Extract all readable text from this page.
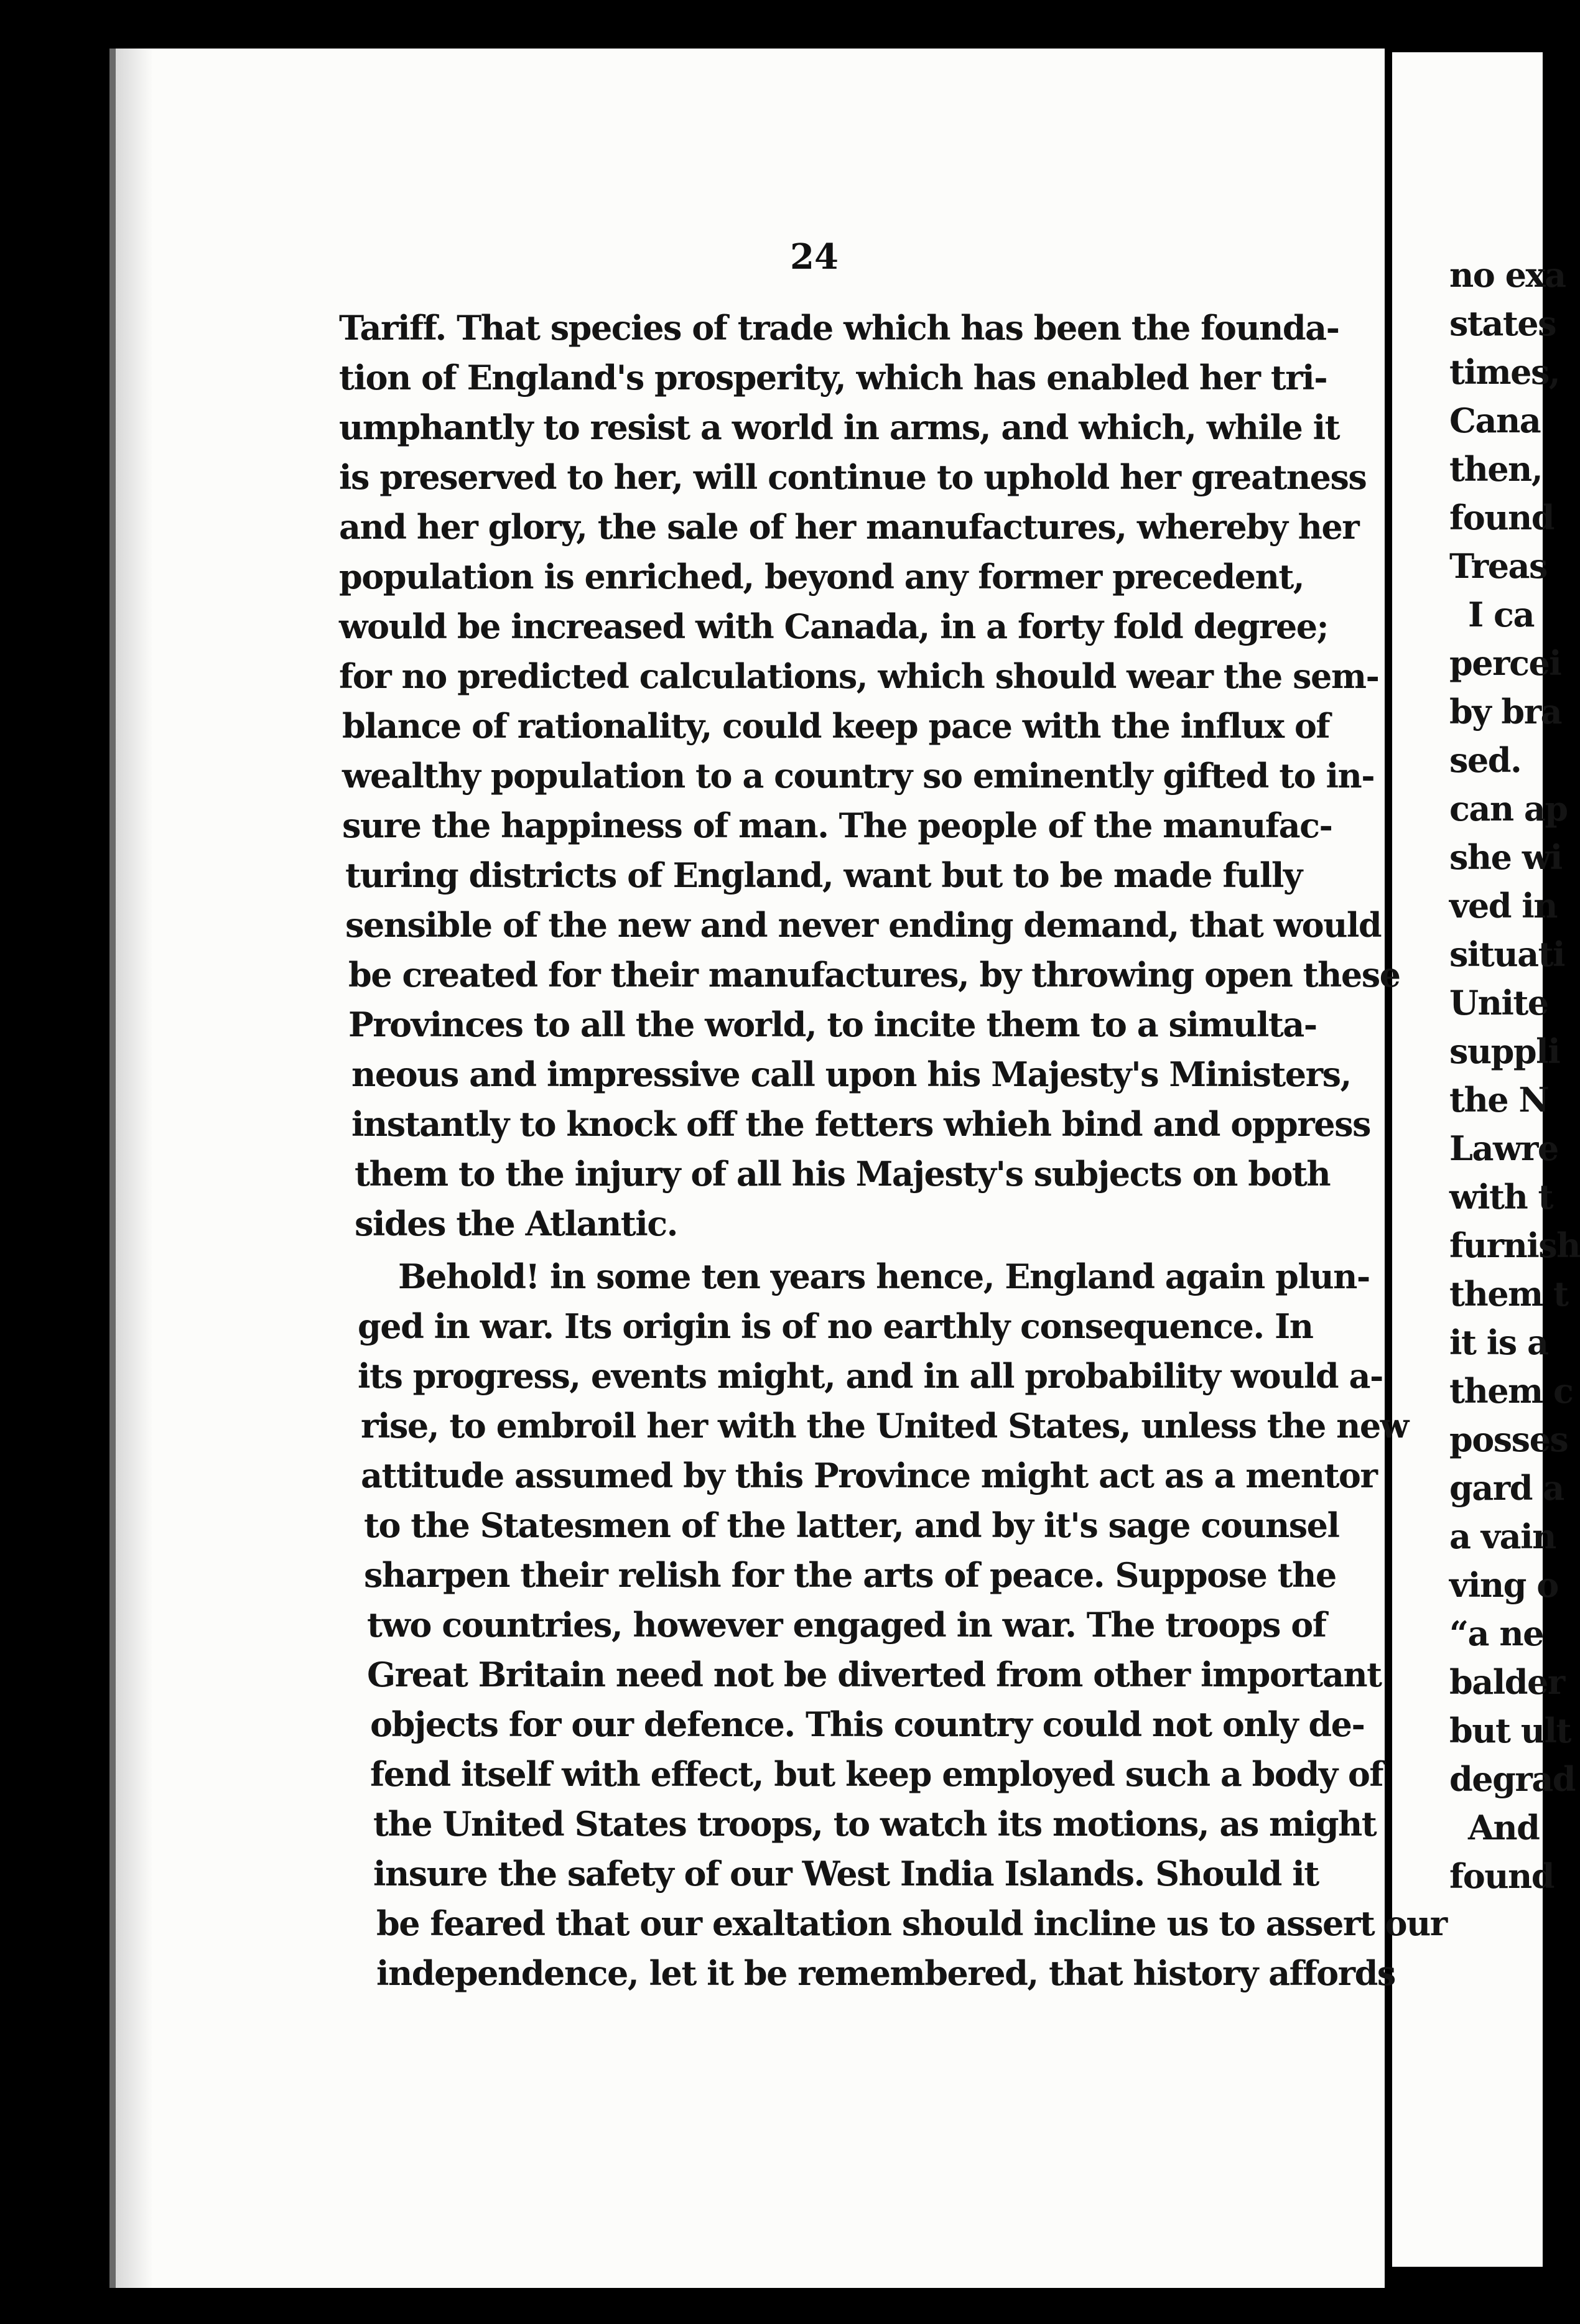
24

Tariff. That species of trade which has been the founda-

tion of England's prosperity, which has enabled her tri-

umphantly to resist a world in arms, and which, while it

is preserved to her, will continue to uphold her greatness

and her glory, the sale of her manufactures, whereby her

population is enriched, beyond any former precedent,

would be increased with Canada, in a forty fold degree;

for no predicted calculations, which should wear the sem-

blance of rationality, could keep pace with the influx of

wealthy population to a country so eminently gifted to in-

sure the happiness of man. The people of the manufac-

turing districts of England, want but to be made fully

sensible of the new and never ending demand, that would

be created for their manufactures, by throwing open these

Provinces to all the world, to incite them to a simulta-

neous and impressive call upon his Majesty's Ministers,

instantly to knock off the fetters whieh bind and oppress

them to the injury of all his Majesty's subjects on both

sides the Atlantic.

Behold! in some ten years hence, England again plun-

ged in war. Its origin is of no earthly consequence. In

its progress, events might, and in all probability would a-

rise, to embroil her with the United States, unless the new

attitude assumed by this Province might act as a mentor

to the Statesmen of the latter, and by it's sage counsel

sharpen their relish for the arts of peace. Suppose the

two countries, however engaged in war. The troops of

Great Britain need not be diverted from other important

objects for our defence. This country could not only de-

fend itself with effect, but keep employed such a body of

the United States troops, to watch its motions, as might

insure the safety of our West India Islands. Should it

be feared that our exaltation should incline us to assert our

independence, let it be remembered, that history affords

no exa

states

times,

Cana

then,

found

Treas

I ca

percei

by bra

sed.

can ap

she wi

ved in

situati

Unite

suppli

the N

Lawre

with t

furnish

them t

it is a

them c

posses

gard a

a vain

ving o

“a ne

balder

but ult

degrad

And

found
